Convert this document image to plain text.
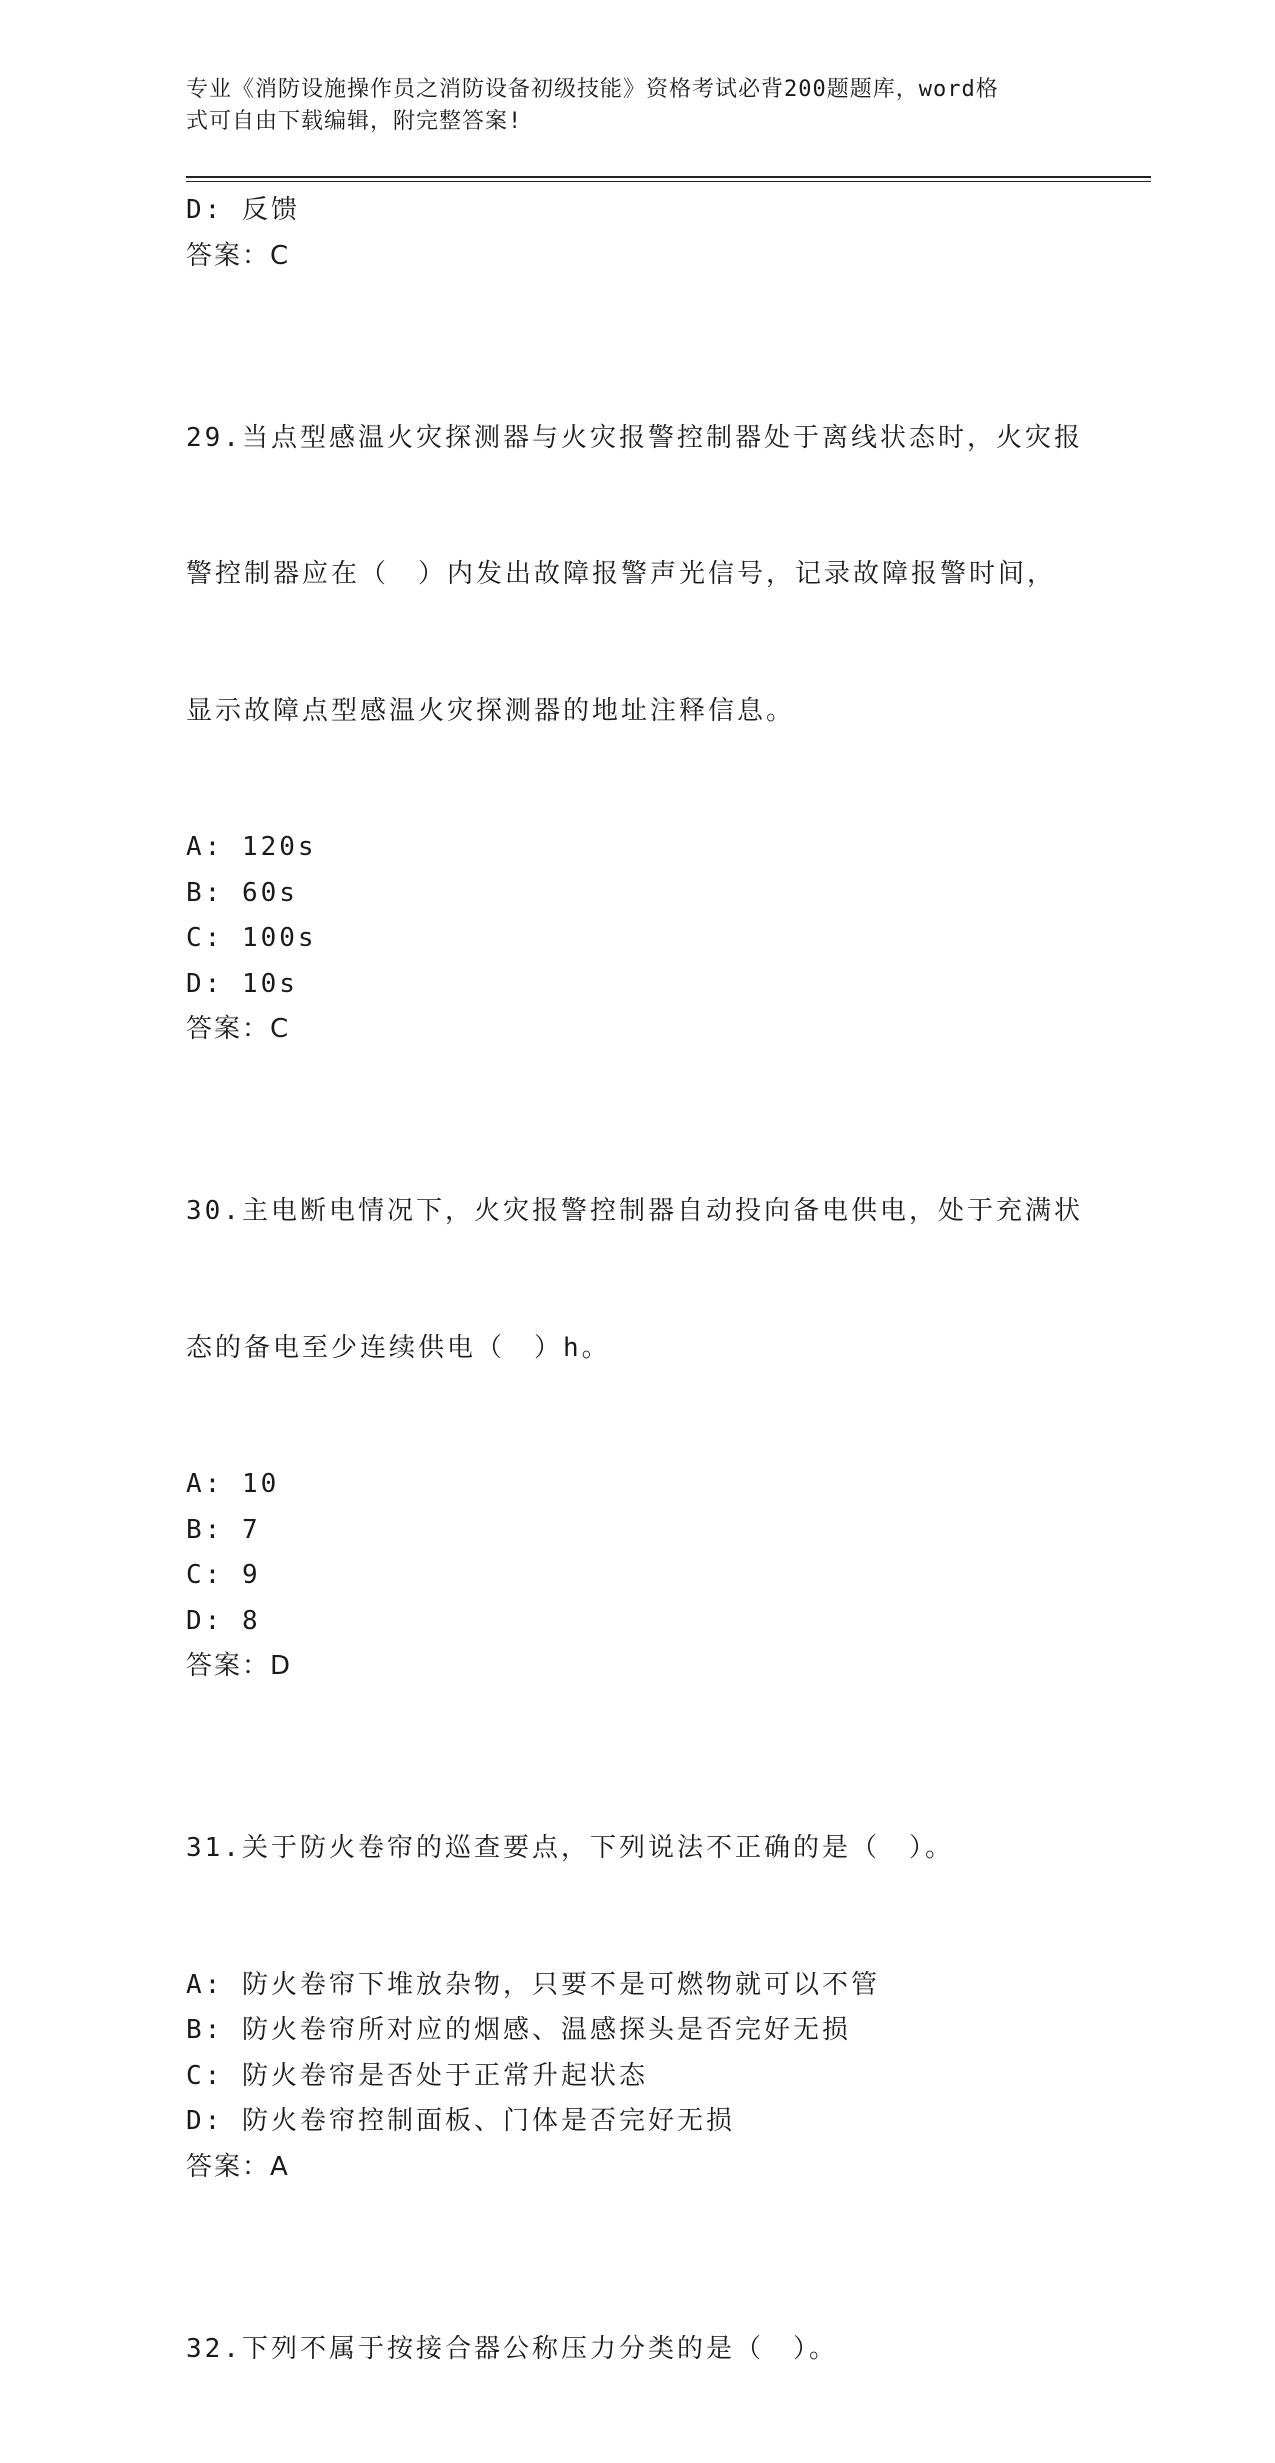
专业《消防设施操作员之消防设备初级技能》资格考试必背200题题库，word格
式可自由下载编辑，附完整答案!
D: 反馈
答案：C

29.当点型感温火灾探测器与火灾报警控制器处于离线状态时，火灾报

警控制器应在（　）内发出故障报警声光信号，记录故障报警时间，

显示故障点型感温火灾探测器的地址注释信息。

A: 120s
B: 60s
C: 100s
D: 10s
答案：C

30.主电断电情况下，火灾报警控制器自动投向备电供电，处于充满状

态的备电至少连续供电（　）h。

A: 10
B: 7
C: 9
D: 8
答案：D

31.关于防火卷帘的巡查要点，下列说法不正确的是（　）。

A: 防火卷帘下堆放杂物，只要不是可燃物就可以不管
B: 防火卷帘所对应的烟感、温感探头是否完好无损
C: 防火卷帘是否处于正常升起状态
D: 防火卷帘控制面板、门体是否完好无损
答案：A

32.下列不属于按接合器公称压力分类的是（　）。
